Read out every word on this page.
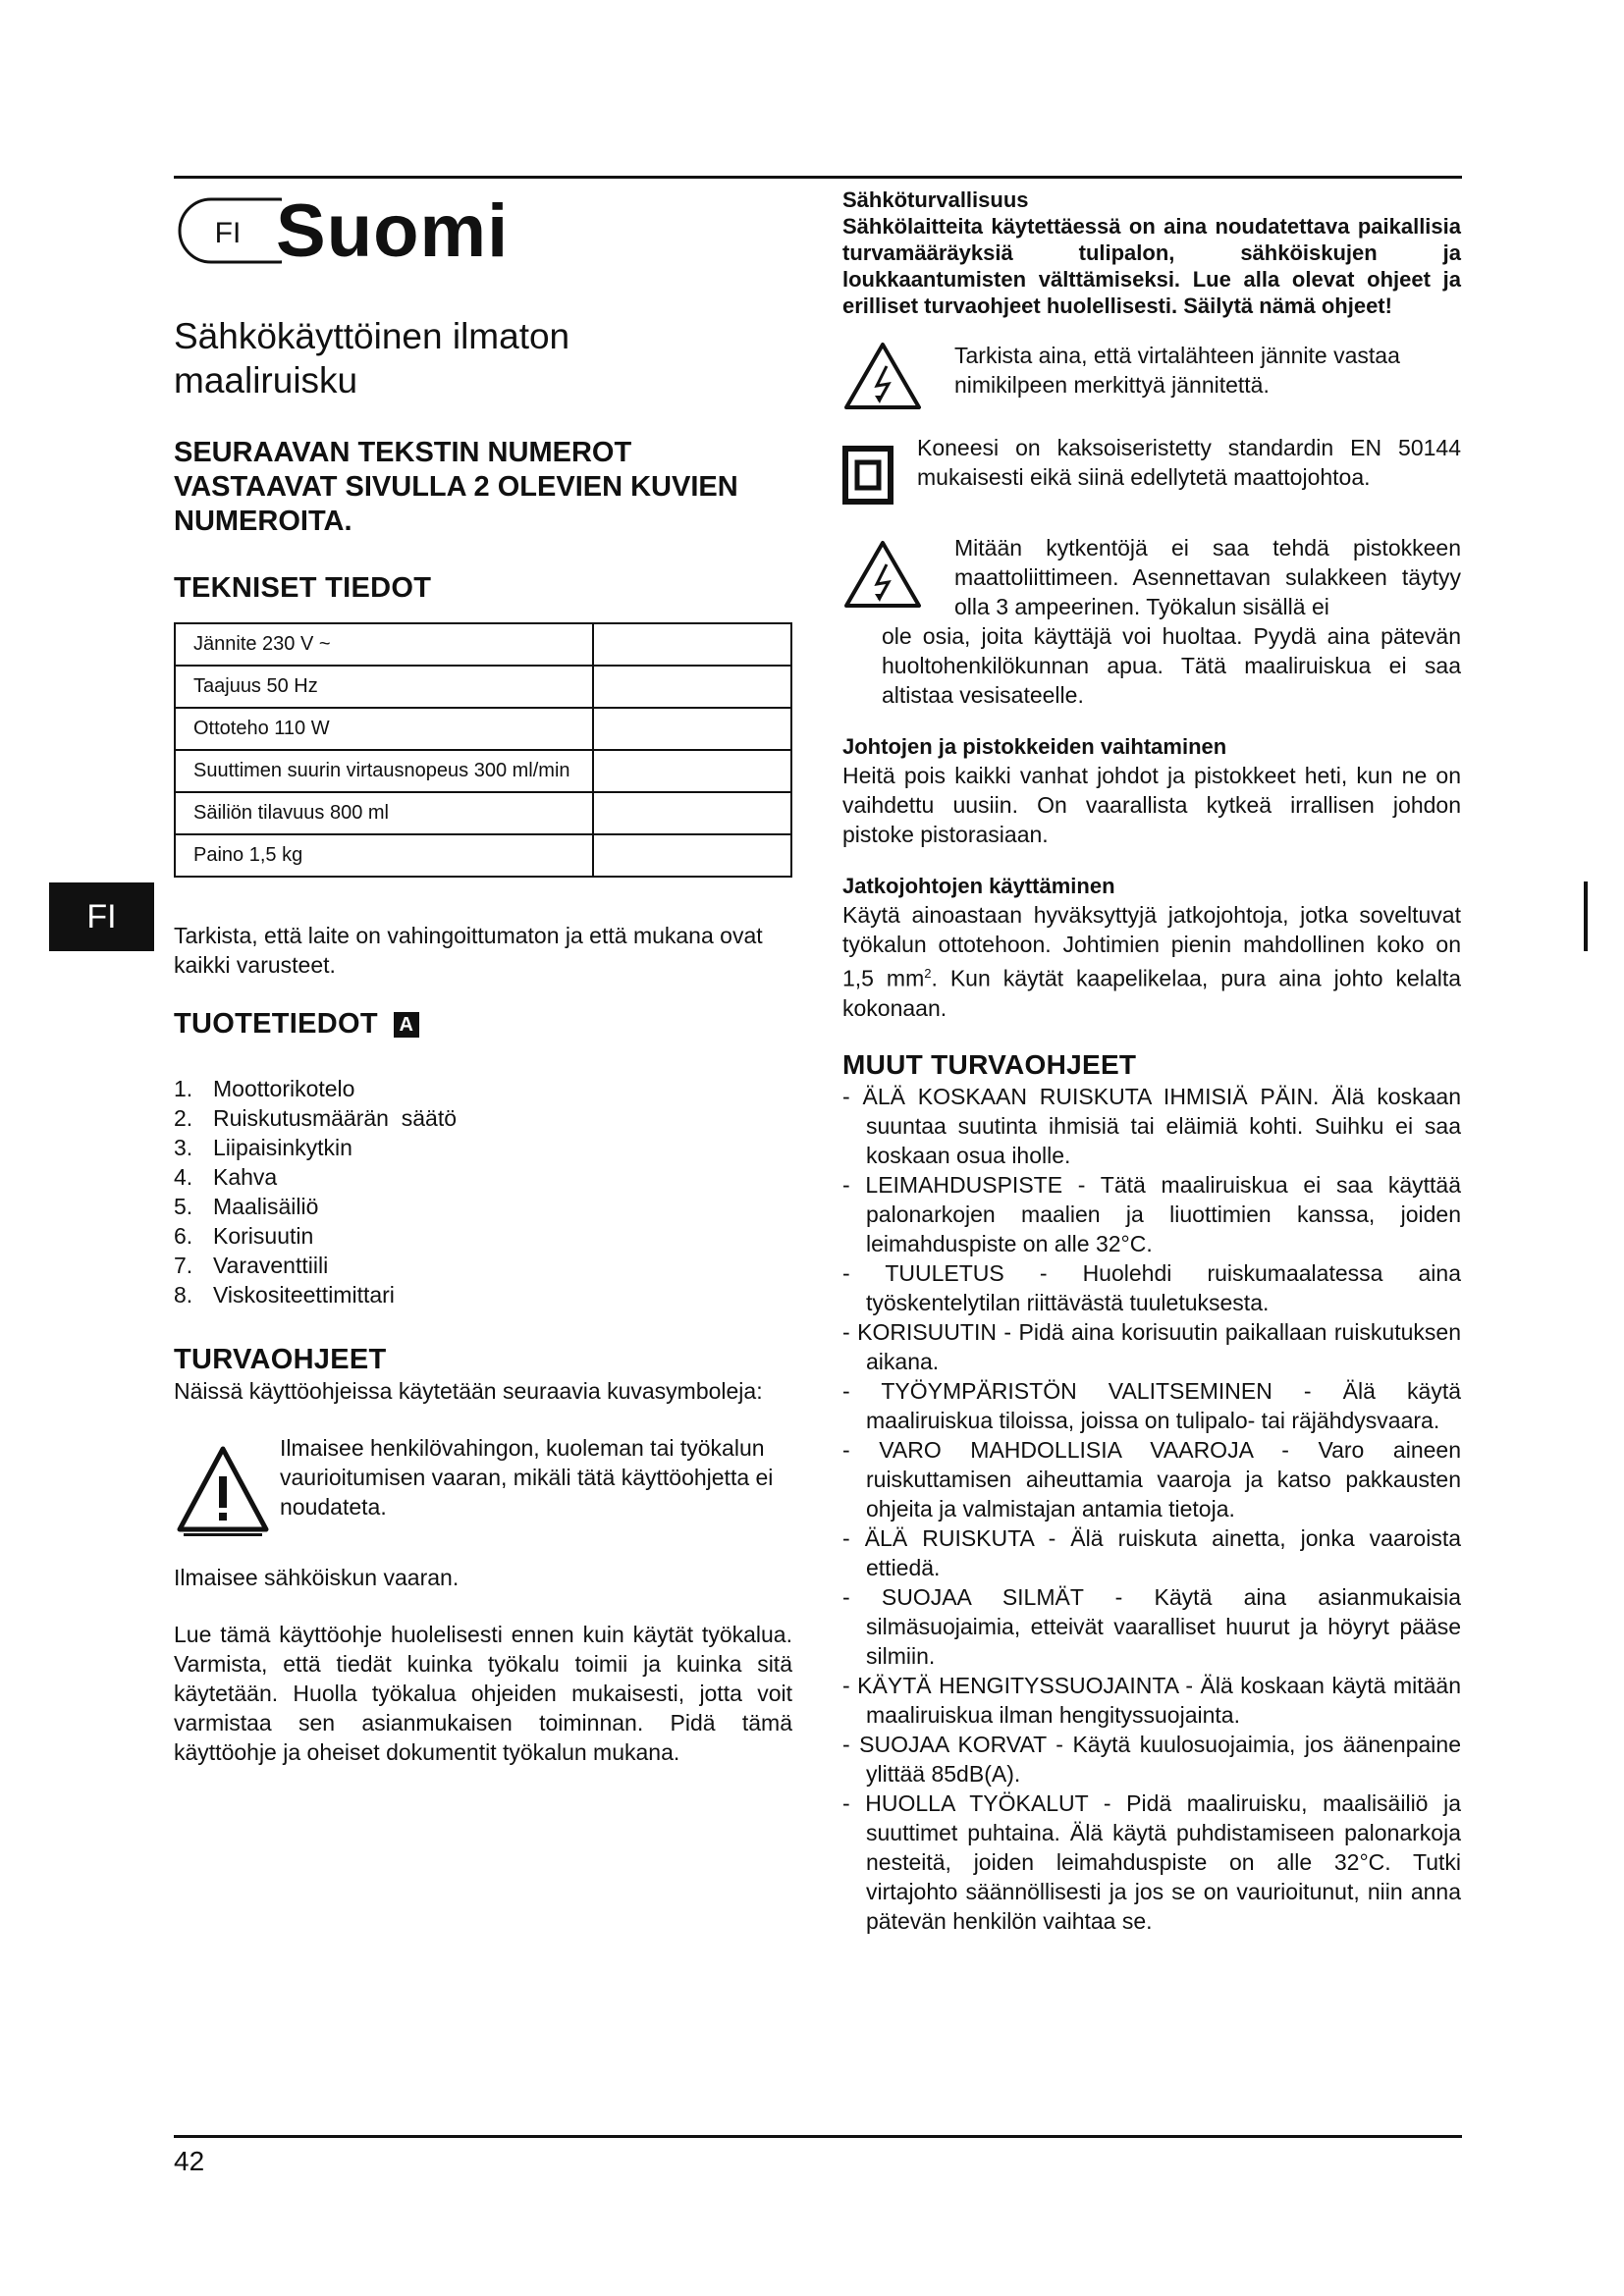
FI
FI Suomi
Sähkökäyttöinen ilmaton
maaliruisku

SEURAAVAN TEKSTIN NUMEROT
VASTAAVAT SIVULLA 2 OLEVIEN KUVIEN
NUMEROITA.

TEKNISET TIEDOT
Jännite 230 V ~	
Taajuus 50 Hz	
Ottoteho 110 W	
Suuttimen suurin virtausnopeus 300 ml/min	
Säiliön tilavuus 800 ml	
Paino 1,5 kg	

Tarkista, että laite on vahingoittumaton ja että mukana ovat kaikki varusteet.

TUOTETIEDOT A
1. Moottorikotelo
2. Ruiskutusmäärän  säätö
3. Liipaisinkytkin
4. Kahva
5. Maalisäiliö
6. Korisuutin
7. Varaventtiili
8. Viskositeettimittari
TURVAOHJEET

Näissä käyttöohjeissa käytetään seuraavia kuvasymboleja:

Ilmaisee henkilövahingon, kuoleman tai työkalun vaurioitumisen vaaran, mikäli tätä käyttöohjetta ei noudateta.

Ilmaisee sähköiskun vaaran.

Lue tämä käyttöohje huolelisesti ennen kuin käytät työkalua. Varmista, että tiedät kuinka työkalu toimii ja kuinka sitä käytetään. Huolla työkalua ohjeiden mukaisesti, jotta voit varmistaa sen asianmukaisen toiminnan. Pidä tämä käyttöohje ja oheiset dokumentit työkalun mukana.

Sähköturvallisuus

Sähkölaitteita käytettäessä on aina noudatettava paikallisia turvamääräyksiä tulipalon, sähköiskujen ja loukkaantumisten välttämiseksi. Lue alla olevat ohjeet ja erilliset turvaohjeet huolellisesti. Säilytä nämä ohjeet!

Tarkista aina, että virtalähteen jännite vastaa nimikilpeen merkittyä jännitettä.

Koneesi on kaksoiseristetty standardin EN 50144 mukaisesti eikä siinä edellytetä maattojohtoa.

Mitään kytkentöjä ei saa tehdä pistokkeen maattoliittimeen. Asennettavan sulakkeen täytyy olla 3 ampeerinen. Työkalun sisällä ei

ole osia, joita käyttäjä voi huoltaa. Pyydä aina pätevän huoltohenkilökunnan apua. Tätä maaliruiskua ei saa altistaa vesisateelle.

Johtojen ja pistokkeiden vaihtaminen

Heitä pois kaikki vanhat johdot ja pistokkeet heti, kun ne on vaihdettu uusiin. On vaarallista kytkeä irrallisen johdon pistoke pistorasiaan.

Jatkojohtojen käyttäminen

Käytä ainoastaan hyväksyttyjä jatkojohtoja, jotka soveltuvat työkalun ottotehoon. Johtimien pienin mahdollinen koko on 1,5 $mm^2$. Kun käytät kaapelikelaa, pura aina johto kelalta kokonaan.

MUUT TURVAOHJEET

- ÄLÄ KOSKAAN RUISKUTA IHMISIÄ PÄIN. Älä koskaan suuntaa suutinta ihmisiä tai eläimiä kohti. Suihku ei saa koskaan osua iholle.

- LEIMAHDUSPISTE - Tätä maaliruiskua ei saa käyttää palonarkojen maalien ja liuottimien kanssa, joiden leimahduspiste on alle 32°C.

- TUULETUS - Huolehdi ruiskumaalatessa aina työskentelytilan riittävästä tuuletuksesta.

- KORISUUTIN - Pidä aina korisuutin paikallaan ruiskutuksen aikana.

- TYÖYMPÄRISTÖN VALITSEMINEN - Älä käytä maaliruiskua tiloissa, joissa on tulipalo- tai räjähdysvaara.

- VARO MAHDOLLISIA VAAROJA - Varo aineen ruiskuttamisen aiheuttamia vaaroja ja katso pakkausten ohjeita ja valmistajan antamia tietoja.

- ÄLÄ RUISKUTA - Älä ruiskuta ainetta, jonka vaaroista ettiedä.

- SUOJAA SILMÄT - Käytä aina asianmukaisia silmäsuojaimia, etteivät vaaralliset huurut ja höyryt pääse silmiin.

- KÄYTÄ HENGITYSSUOJAINTA - Älä koskaan käytä mitään maaliruiskua ilman hengityssuojainta.

- SUOJAA KORVAT - Käytä kuulosuojaimia, jos äänenpaine ylittää 85dB(A).

- HUOLLA TYÖKALUT - Pidä maaliruisku, maalisäiliö ja suuttimet puhtaina. Älä käytä puhdistamiseen palonarkoja nesteitä, joiden leimahduspiste on alle 32°C. Tutki virtajohto säännöllisesti ja jos se on vaurioitunut, niin anna pätevän henkilön vaihtaa se.

42
